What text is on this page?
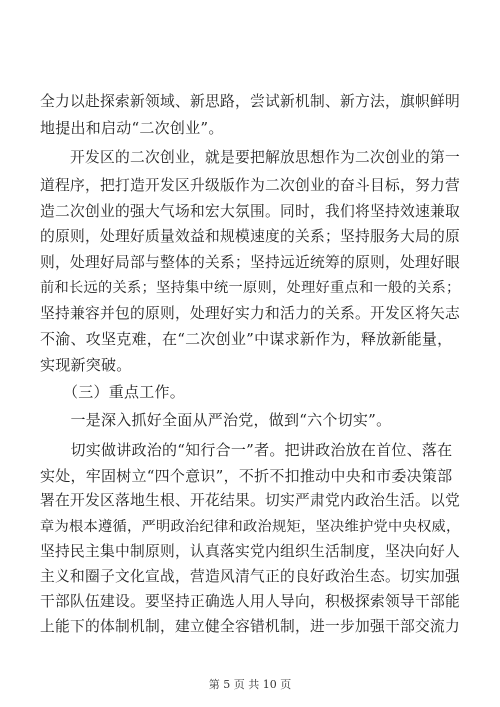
全力以赴探索新领域、新思路，尝试新机制、新方法，旗帜鲜明
地提出和启动“二次创业”。
　　开发区的二次创业，就是要把解放思想作为二次创业的第一
道程序，把打造开发区升级版作为二次创业的奋斗目标，努力营
造二次创业的强大气场和宏大氛围。同时，我们将坚持效速兼取
的原则，处理好质量效益和规模速度的关系；坚持服务大局的原
则，处理好局部与整体的关系；坚持远近统筹的原则，处理好眼
前和长远的关系；坚持集中统一原则，处理好重点和一般的关系；
坚持兼容并包的原则，处理好实力和活力的关系。开发区将矢志
不渝、攻坚克难，在“二次创业”中谋求新作为，释放新能量，
实现新突破。
　　（三）重点工作。
　　一是深入抓好全面从严治党，做到“六个切实”。
　　切实做讲政治的“知行合一”者。把讲政治放在首位、落在
实处，牢固树立“四个意识”，不折不扣推动中央和市委决策部
署在开发区落地生根、开花结果。切实严肃党内政治生活。以党
章为根本遵循，严明政治纪律和政治规矩，坚决维护党中央权威，
坚持民主集中制原则，认真落实党内组织生活制度，坚决向好人
主义和圈子文化宣战，营造风清气正的良好政治生态。切实加强
干部队伍建设。要坚持正确选人用人导向，积极探索领导干部能
上能下的体制机制，建立健全容错机制，进一步加强干部交流力
第 5 页 共 10 页
